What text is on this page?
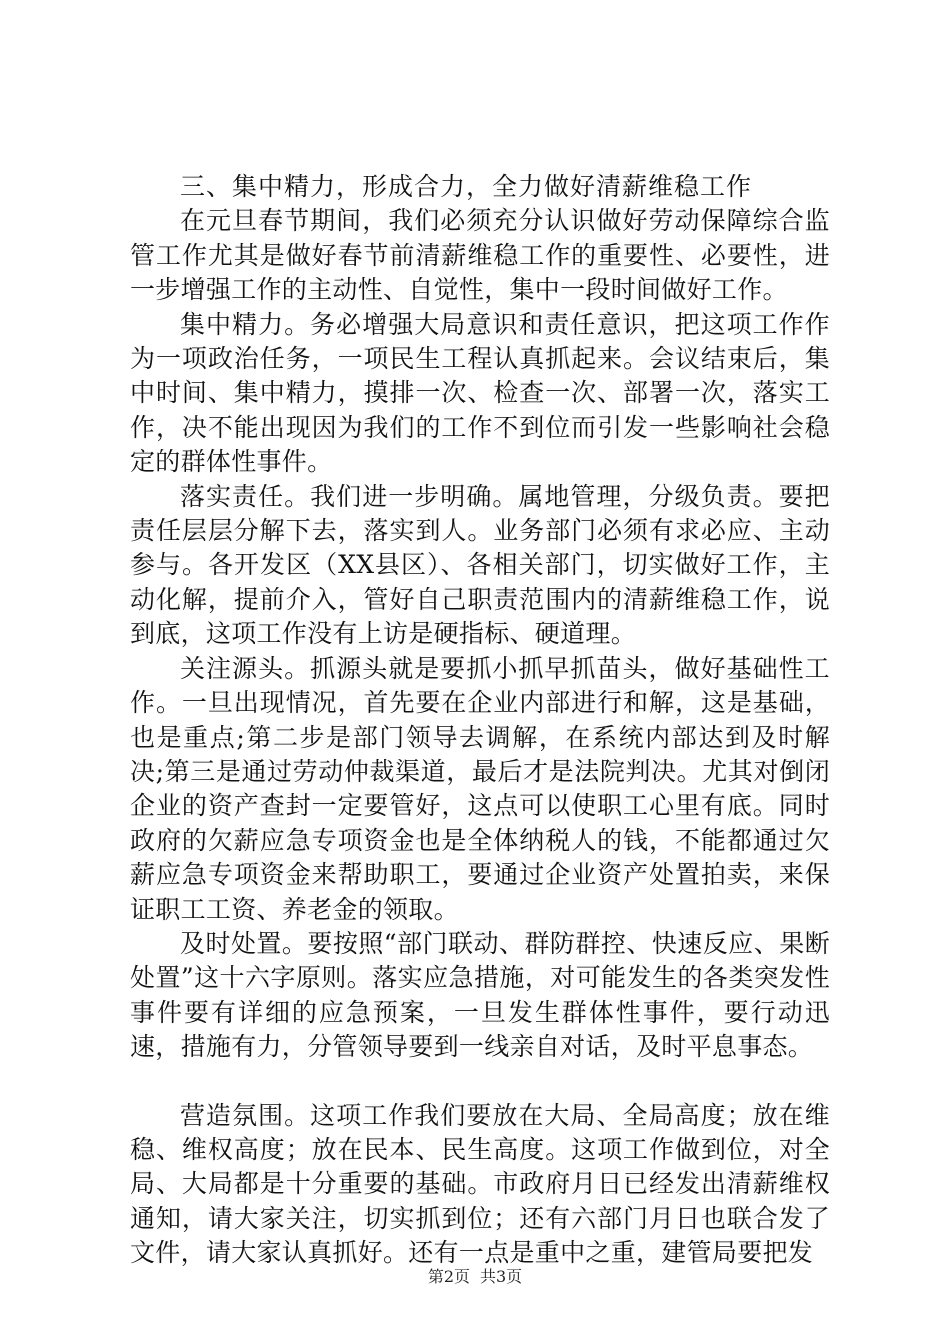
三、集中精力，形成合力，全力做好清薪维稳工作

在元旦春节期间，我们必须充分认识做好劳动保障综合监管工作尤其是做好春节前清薪维稳工作的重要性、必要性，进一步增强工作的主动性、自觉性，集中一段时间做好工作。

集中精力。务必增强大局意识和责任意识，把这项工作作为一项政治任务，一项民生工程认真抓起来。会议结束后，集中时间、集中精力，摸排一次、检查一次、部署一次，落实工作，决不能出现因为我们的工作不到位而引发一些影响社会稳定的群体性事件。

落实责任。我们进一步明确。属地管理，分级负责。要把责任层层分解下去，落实到人。业务部门必须有求必应、主动参与。各开发区（XX县区）、各相关部门，切实做好工作，主动化解，提前介入，管好自己职责范围内的清薪维稳工作，说到底，这项工作没有上访是硬指标、硬道理。

关注源头。抓源头就是要抓小抓早抓苗头，做好基础性工作。一旦出现情况，首先要在企业内部进行和解，这是基础，也是重点;第二步是部门领导去调解，在系统内部达到及时解决;第三是通过劳动仲裁渠道，最后才是法院判决。尤其对倒闭企业的资产查封一定要管好，这点可以使职工心里有底。同时政府的欠薪应急专项资金也是全体纳税人的钱，不能都通过欠薪应急专项资金来帮助职工，要通过企业资产处置拍卖，来保证职工工资、养老金的领取。

及时处置。要按照“部门联动、群防群控、快速反应、果断处置”这十六字原则。落实应急措施，对可能发生的各类突发性事件要有详细的应急预案，一旦发生群体性事件，要行动迅速，措施有力，分管领导要到一线亲自对话，及时平息事态。

营造氛围。这项工作我们要放在大局、全局高度；放在维稳、维权高度；放在民本、民生高度。这项工作做到位，对全局、大局都是十分重要的基础。市政府月日已经发出清薪维权通知，请大家关注，切实抓到位；还有六部门月日也联合发了文件，请大家认真抓好。还有一点是重中之重，建管局要把发

第2页 共3页
